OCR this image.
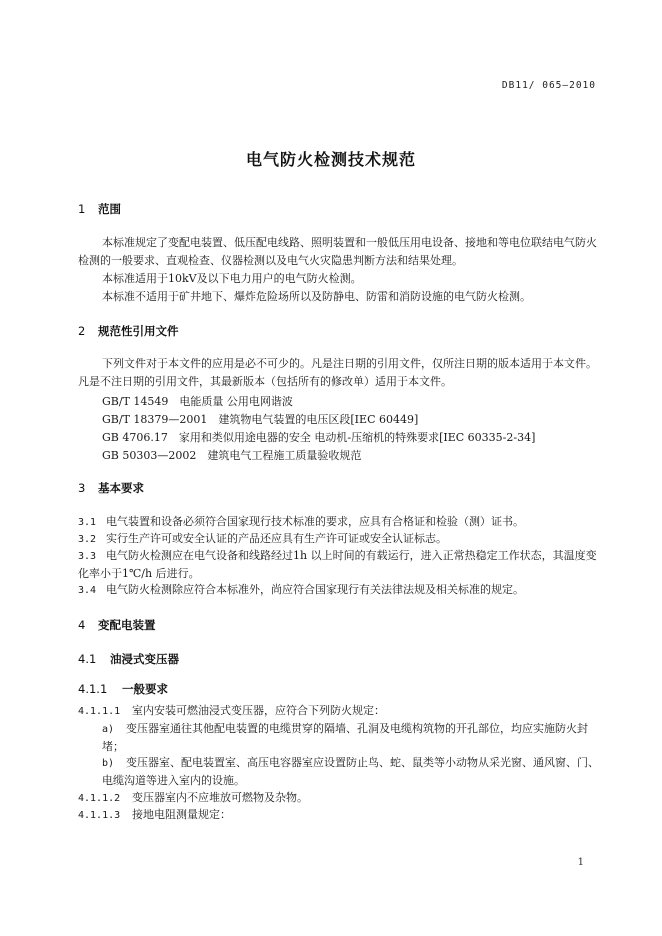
DB11/ 065—2010
电气防火检测技术规范
1 范围
本标准规定了变配电装置、低压配电线路、照明装置和一般低压用电设备、接地和等电位联结电气防火检测的一般要求、直观检查、仪器检测以及电气火灾隐患判断方法和结果处理。
本标准适用于10kV及以下电力用户的电气防火检测。
本标准不适用于矿井地下、爆炸危险场所以及防静电、防雷和消防设施的电气防火检测。
2 规范性引用文件
下列文件对于本文件的应用是必不可少的。凡是注日期的引用文件，仅所注日期的版本适用于本文件。凡是不注日期的引用文件，其最新版本（包括所有的修改单）适用于本文件。
GB/T 14549　电能质量 公用电网谐波
GB/T 18379—2001　建筑物电气装置的电压区段[IEC 60449]
GB 4706.17　家用和类似用途电器的安全 电动机-压缩机的特殊要求[IEC 60335-2-34]
GB 50303—2002　建筑电气工程施工质量验收规范
3 基本要求
3.1 电气装置和设备必须符合国家现行技术标准的要求，应具有合格证和检验（测）证书。
3.2 实行生产许可或安全认证的产品还应具有生产许可证或安全认证标志。
3.3 电气防火检测应在电气设备和线路经过1h 以上时间的有载运行，进入正常热稳定工作状态，其温度变化率小于1℃/h 后进行。
3.4 电气防火检测除应符合本标准外，尚应符合国家现行有关法律法规及相关标准的规定。
4 变配电装置
4.1 油浸式变压器
4.1.1 一般要求
4.1.1.1 室内安装可燃油浸式变压器，应符合下列防火规定：
a) 变压器室通往其他配电装置的电缆贯穿的隔墙、孔洞及电缆构筑物的开孔部位，均应实施防火封堵；
b) 变压器室、配电装置室、高压电容器室应设置防止鸟、蛇、鼠类等小动物从采光窗、通风窗、门、电缆沟道等进入室内的设施。
4.1.1.2 变压器室内不应堆放可燃物及杂物。
4.1.1.3 接地电阻测量规定：
1
